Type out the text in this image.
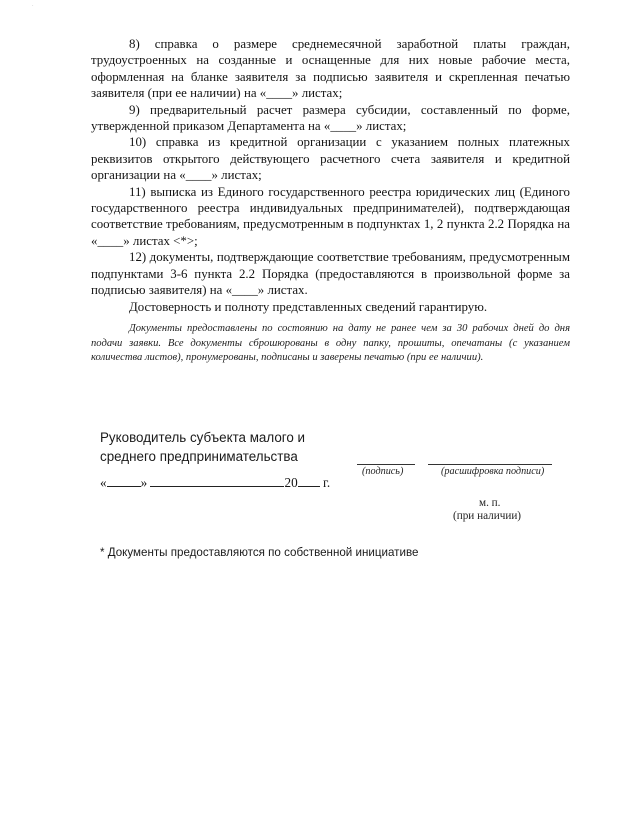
.

8) справка о размере среднемесячной заработной платы граждан, трудоустроенных на созданные и оснащенные для них новые рабочие места, оформленная на бланке заявителя за подписью заявителя и скрепленная печатью заявителя (при ее наличии) на «____» листах;

9) предварительный расчет размера субсидии, составленный по форме, утвержденной приказом Департамента на «____» листах;

10) справка из кредитной организации с указанием полных платежных реквизитов открытого действующего расчетного счета заявителя и кредитной организации на «____» листах;

11) выписка из Единого государственного реестра юридических лиц (Единого государственного реестра индивидуальных предпринимателей), подтверждающая соответствие требованиям, предусмотренным в подпунктах 1, 2 пункта 2.2 Порядка на «____» листах <*>;

12) документы, подтверждающие соответствие требованиям, предусмотренным подпунктами 3-6 пункта 2.2 Порядка (предоставляются в произвольной форме за подписью заявителя) на «____» листах.

Достоверность и полноту представленных сведений гарантирую.

Документы предоставлены по состоянию на дату не ранее чем за 30 рабочих дней до дня подачи заявки. Все документы сброшюрованы в одну папку, прошиты, опечатаны (с указанием количества листов), пронумерованы, подписаны и заверены печатью (при ее наличии).

Руководитель субъекта малого и
среднего предпринимательства

«	»	20 г.
(подпись)	(расшифровка подписи)
м. п.
(при наличии)
* Документы предоставляются по собственной инициативе
